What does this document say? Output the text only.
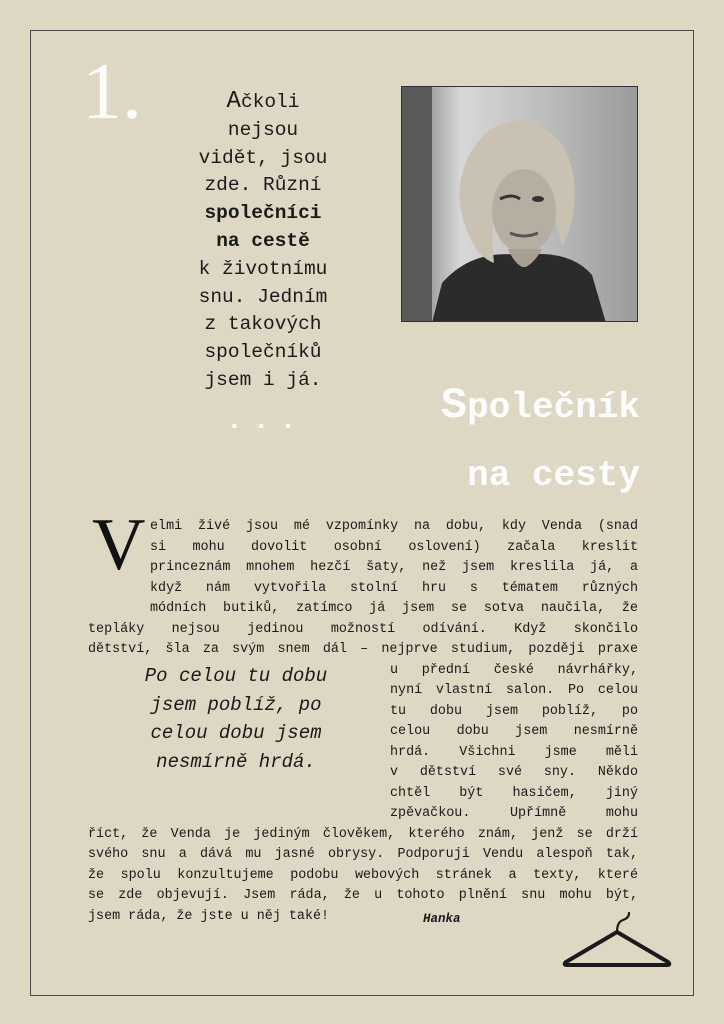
1.	Ačkoli
nejsou
vidět, jsou
zde. Různí
společníci
na cestě
k životnímu
snu. Jedním
z takových
společníků
jsem i já.
...	Společník
na cesty
V elmi živé jsou mé vzpomínky na dobu, kdy Venda (snad
si mohu dovolit osobní oslovení) začala kreslit
princeznám mnohem hezčí šaty, než jsem kreslila já, a
když nám vytvořila stolní hru s tématem různých
módních butiků, zatímco já jsem se sotva naučila, že
tepláky nejsou jedinou možností odívání. Když skončilo
dětství, šla za svým snem dál – nejprve studium, později praxe
u přední české návrhářky,
nyní vlastní salon. Po celou
tu dobu jsem poblíž, po
celou dobu jsem nesmírně
hrdá. Všichni jsme měli
v dětství své sny. Někdo
chtěl být hasičem, jiný
zpěvačkou. Upřímně mohu
říct, že Venda je jediným člověkem, kterého znám, jenž se drží
svého snu a dává mu jasné obrysy. Podporuji Vendu alespoň tak,
že spolu konzultujeme podobu webových stránek a texty, které
se zde objevují. Jsem ráda, že u tohoto plnění snu mohu být,
jsem ráda, že jste u něj také!
Po celou tu dobu jsem poblíž, po celou dobu jsem nesmírně hrdá.
Hanka
